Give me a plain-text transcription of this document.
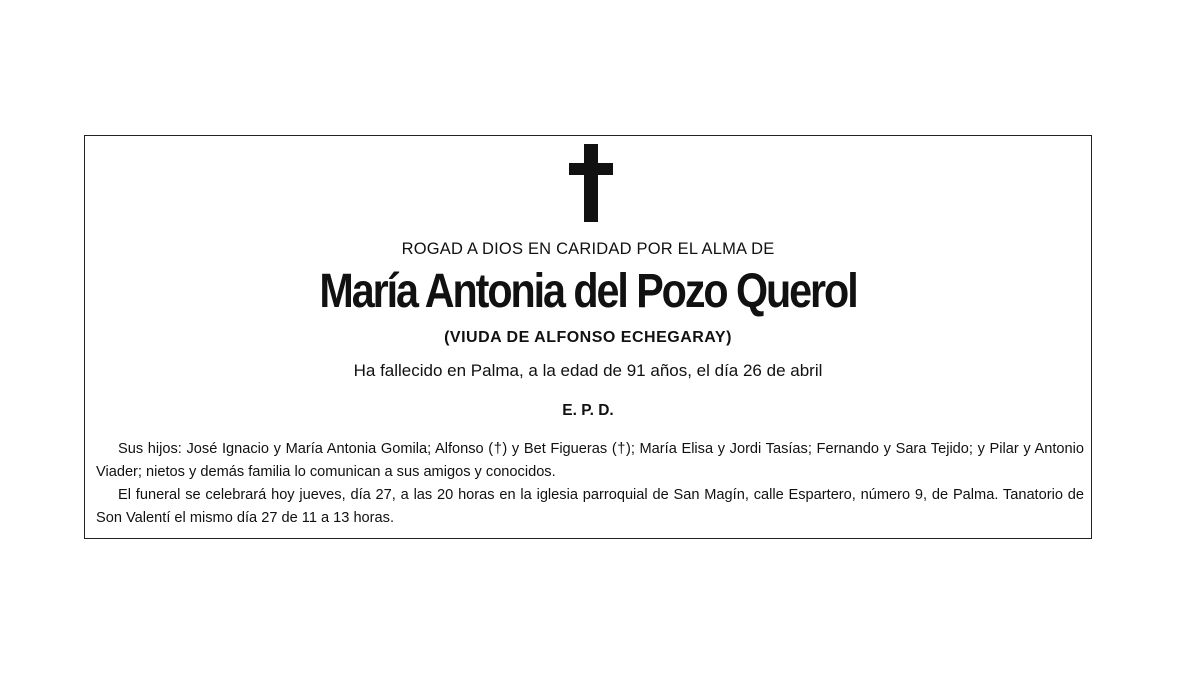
ROGAD A DIOS EN CARIDAD POR EL ALMA DE
María Antonia del Pozo Querol
(VIUDA DE ALFONSO ECHEGARAY)
Ha fallecido en Palma, a la edad de 91 años, el día 26 de abril
E. P. D.

Sus hijos: José Ignacio y María Antonia Gomila; Alfonso (†) y Bet Figueras (†); María Elisa y Jordi Tasías; Fernando y Sara Tejido; y Pilar y Antonio Viader; nietos y demás familia lo comunican a sus amigos y conocidos.

El funeral se celebrará hoy jueves, día 27, a las 20 horas en la iglesia parroquial de San Magín, calle Espartero, número 9, de Palma. Tanatorio de Son Valentí el mismo día 27 de 11 a 13 horas.
